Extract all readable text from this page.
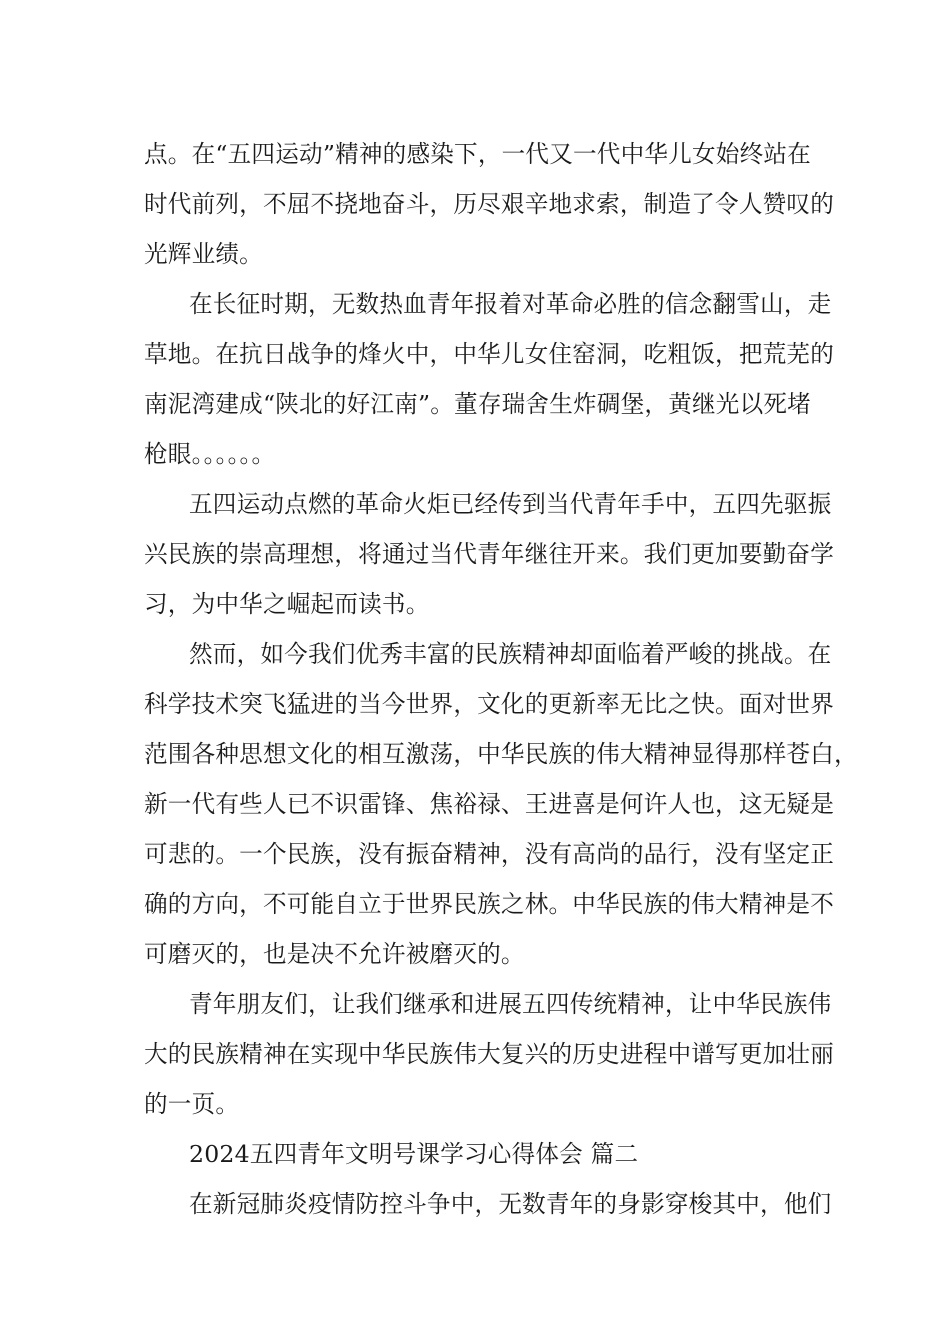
点。在“五四运动”精神的感染下，一代又一代中华儿女始终站在
时代前列，不屈不挠地奋斗，历尽艰辛地求索，制造了令人赞叹的
光辉业绩。
在长征时期，无数热血青年报着对革命必胜的信念翻雪山，走
草地。在抗日战争的烽火中，中华儿女住窑洞，吃粗饭，把荒芜的
南泥湾建成“陕北的好江南”。董存瑞舍生炸碉堡，黄继光以死堵
枪眼。。。。。。
五四运动点燃的革命火炬已经传到当代青年手中，五四先驱振
兴民族的崇高理想，将通过当代青年继往开来。我们更加要勤奋学
习，为中华之崛起而读书。
然而，如今我们优秀丰富的民族精神却面临着严峻的挑战。在
科学技术突飞猛进的当今世界，文化的更新率无比之快。面对世界
范围各种思想文化的相互激荡，中华民族的伟大精神显得那样苍白，
新一代有些人已不识雷锋、焦裕禄、王进喜是何许人也，这无疑是
可悲的。一个民族，没有振奋精神，没有高尚的品行，没有坚定正
确的方向，不可能自立于世界民族之林。中华民族的伟大精神是不
可磨灭的，也是决不允许被磨灭的。
青年朋友们，让我们继承和进展五四传统精神，让中华民族伟
大的民族精神在实现中华民族伟大复兴的历史进程中谱写更加壮丽
的一页。
2024五四青年文明号课学习心得体会 篇二
在新冠肺炎疫情防控斗争中，无数青年的身影穿梭其中，他们
